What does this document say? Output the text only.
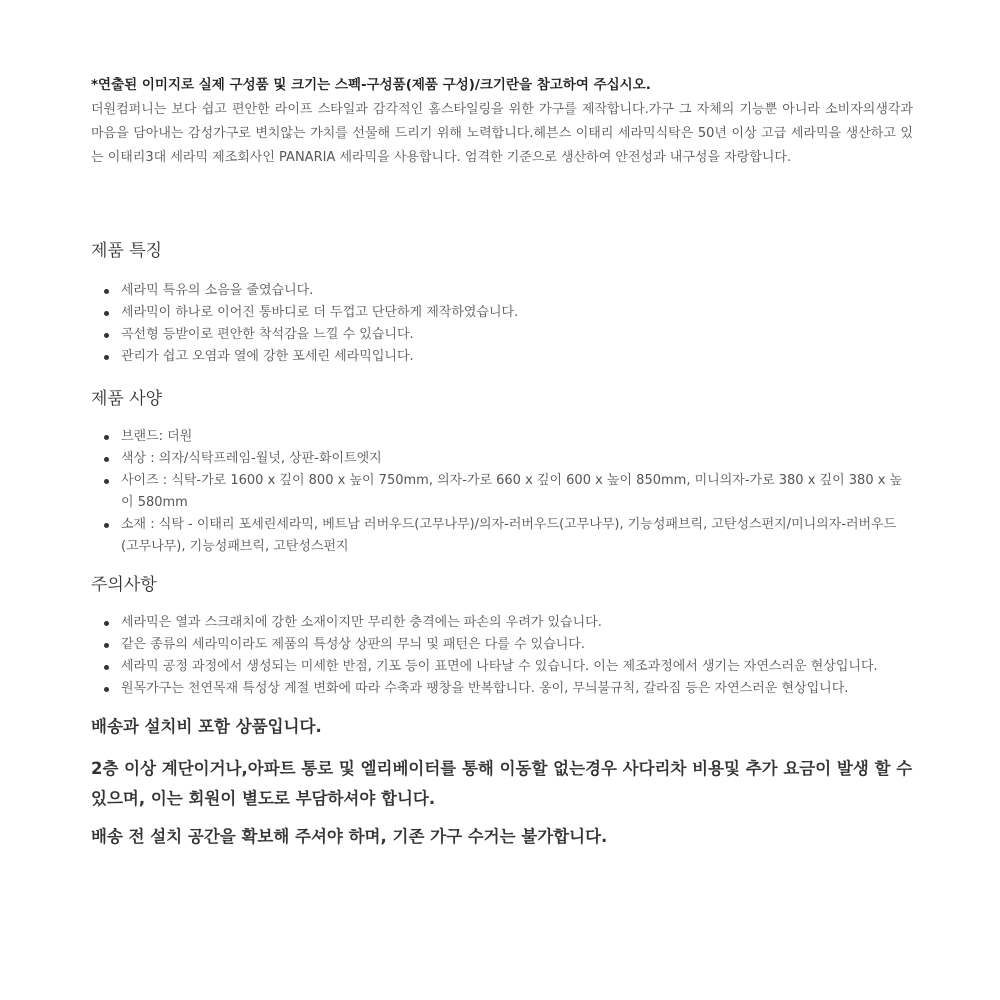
*연출된 이미지로 실제 구성품 및 크기는 스펙-구성품(제품 구성)/크기란을 참고하여 주십시오.

더원컴퍼니는 보다 쉽고 편안한 라이프 스타일과 감각적인 홈스타일링을 위한 가구를 제작합니다.가구 그 자체의 기능뿐 아니라 소비자의생각과 마음을 담아내는 감성가구로 변치않는 가치를 선물해 드리기 위해 노력합니다.헤븐스 이태리 세라믹식탁은 50년 이상 고급 세라믹을 생산하고 있는 이태리3대 세라믹 제조회사인 PANARIA 세라믹을 사용합니다. 엄격한 기준으로 생산하여 안전성과 내구성을 자랑합니다.

제품 특징
세라믹 특유의 소음을 줄였습니다.
세라믹이 하나로 이어진 통바디로 더 두껍고 단단하게 제작하였습니다.
곡선형 등받이로 편안한 착석감을 느낄 수 있습니다.
관리가 쉽고 오염과 열에 강한 포세린 세라믹입니다.
제품 사양
브랜드: 더원
색상 : 의자/식탁프레임-월넛, 상판-화이트엣지
사이즈 : 식탁-가로 1600 x 깊이 800 x 높이 750mm, 의자-가로 660 x 깊이 600 x 높이 850mm, 미니의자-가로 380 x 깊이 380 x 높이 580mm
소재 : 식탁 - 이태리 포세린세라믹, 베트남 러버우드(고무나무)/의자-러버우드(고무나무), 기능성패브릭, 고탄성스펀지/미니의자-러버우드(고무나무), 기능성패브릭, 고탄성스펀지
주의사항
세라믹은 열과 스크래치에 강한 소재이지만 무리한 충격에는 파손의 우려가 있습니다.
같은 종류의 세라믹이라도 제품의 특성상 상판의 무늬 및 패턴은 다를 수 있습니다.
세라믹 공정 과정에서 생성되는 미세한 반점, 기포 등이 표면에 나타날 수 있습니다. 이는 제조과정에서 생기는 자연스러운 현상입니다.
원목가구는 천연목재 특성상 계절 변화에 따라 수축과 팽창을 반복합니다. 옹이, 무늬불규칙, 갈라짐 등은 자연스러운 현상입니다.

배송과 설치비 포함 상품입니다.

2층 이상 계단이거나,아파트 통로 및 엘리베이터를 통해 이동할 없는경우 사다리차 비용및 추가 요금이 발생 할 수 있으며, 이는 회원이 별도로 부담하셔야 합니다.

배송 전 설치 공간을 확보해 주셔야 하며, 기존 가구 수거는 불가합니다.
